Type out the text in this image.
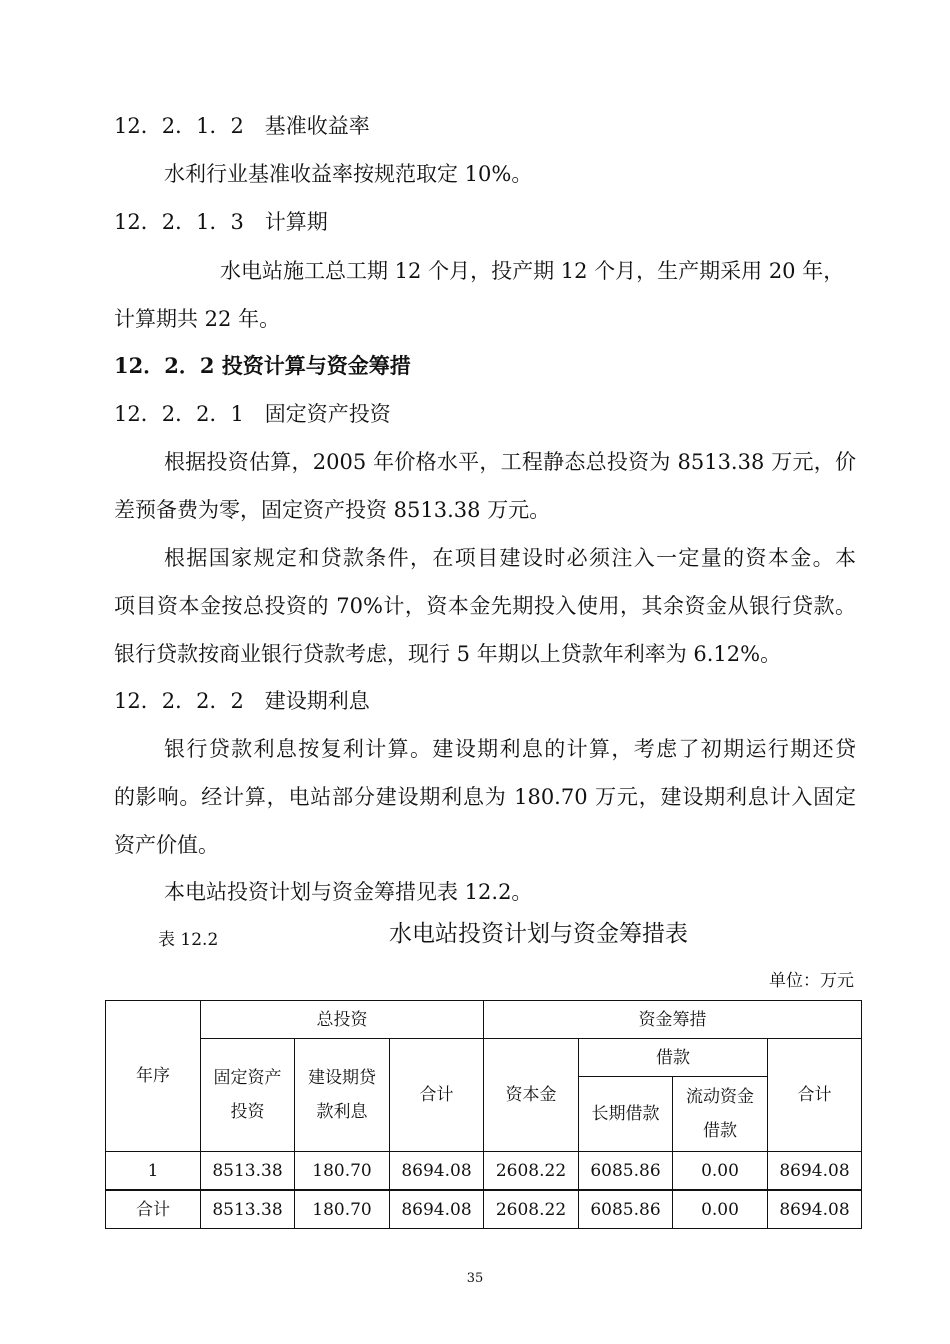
12．2．1．2　基准收益率
水利行业基准收益率按规范取定 10%。
12．2．1．3　计算期
水电站施工总工期 12 个月，投产期 12 个月，生产期采用 20 年，
计算期共 22 年。
12．2．2 投资计算与资金筹措
12．2．2．1　固定资产投资
根据投资估算，2005 年价格水平，工程静态总投资为 8513.38 万元，价
差预备费为零，固定资产投资 8513.38 万元。
根据国家规定和贷款条件，在项目建设时必须注入一定量的资本金。本
项目资本金按总投资的 70%计，资本金先期投入使用，其余资金从银行贷款。
银行贷款按商业银行贷款考虑，现行 5 年期以上贷款年利率为 6.12%。
12．2．2．2　建设期利息
银行贷款利息按复利计算。建设期利息的计算，考虑了初期运行期还贷
的影响。经计算，电站部分建设期利息为 180.70 万元，建设期利息计入固定
资产价值。
本电站投资计划与资金筹措见表 12.2。
表 12.2	水电站投资计划与资金筹措表
单位：万元
年序	总投资			资金筹措			
	固定资产投资	建设期贷款利息	合计	资本金	借款		合计
					长期借款	流动资金借款	
1	8513.38	180.70	8694.08	2608.22	6085.86	0.00	8694.08
合计	8513.38	180.70	8694.08	2608.22	6085.86	0.00	8694.08
35
